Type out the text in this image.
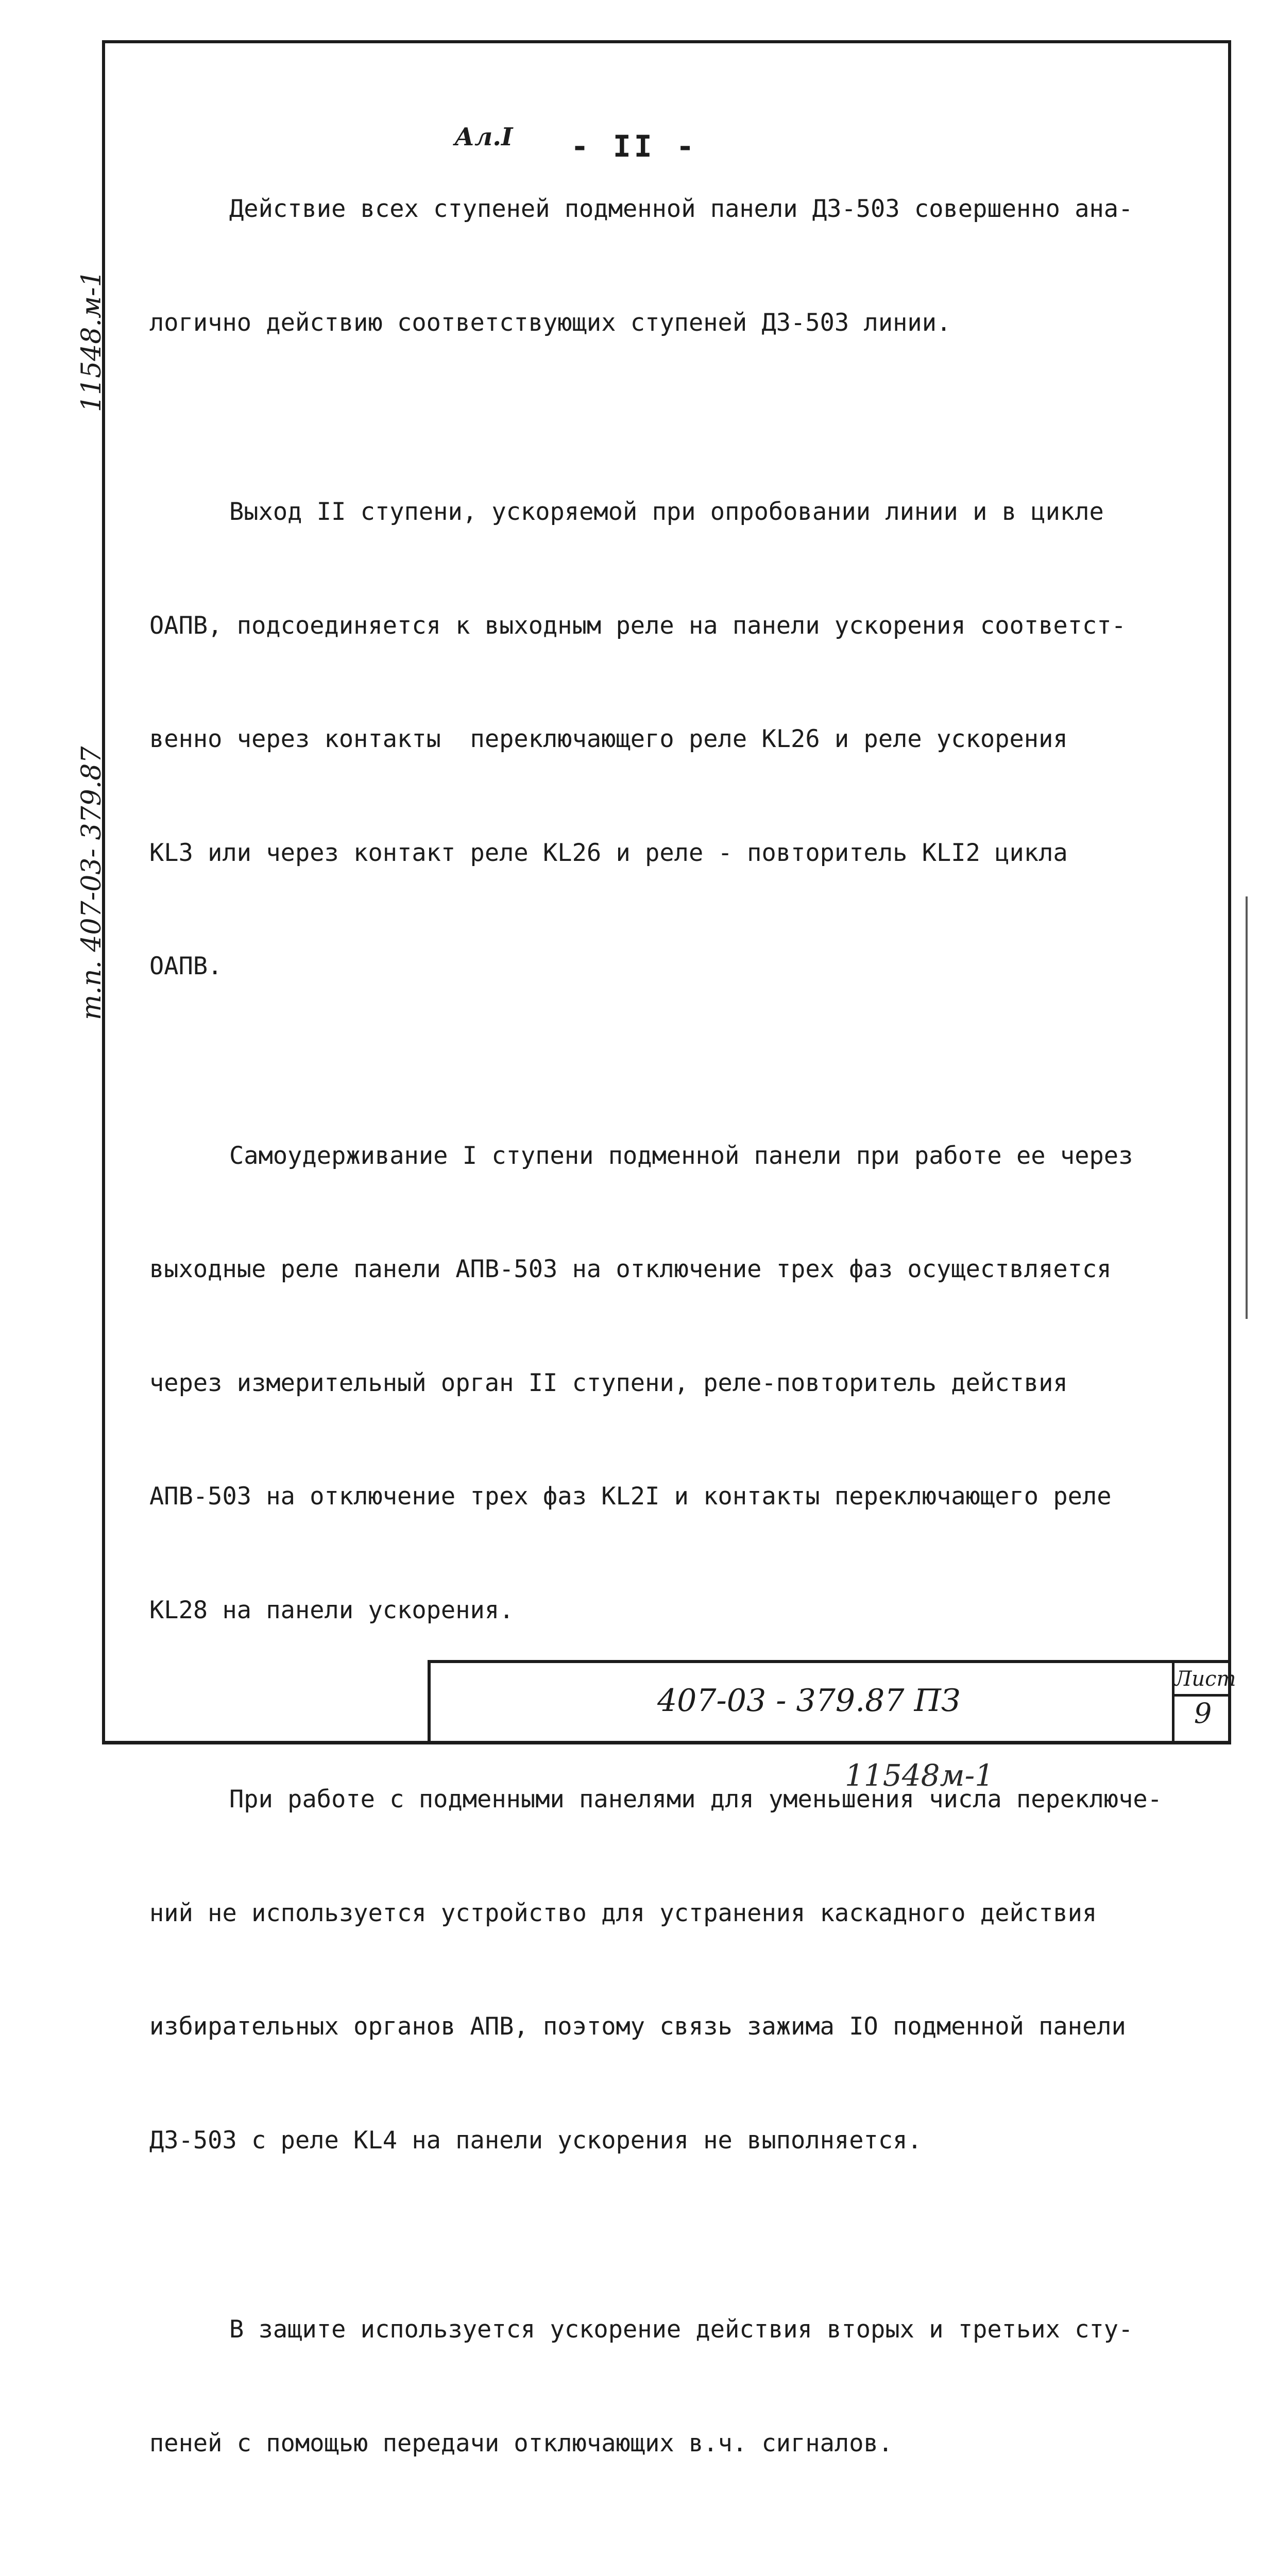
Ал.I - II -
11548.м-1
т.п. 407-03- 379.87

Действие всех ступеней подменной панели ДЗ-503 совершенно ана-

логично действию соответствующих ступеней ДЗ-503 линии.

Выход II ступени, ускоряемой при опробовании линии и в цикле

ОАПВ, подсоединяется к выходным реле на панели ускорения соответст-

венно через контакты  переключающего реле КL26 и реле ускорения

КL3 или через контакт реле КL26 и реле - повторитель КLI2 цикла

ОАПВ.

Самоудерживание I ступени подменной панели при работе ее через

выходные реле панели АПВ-503 на отключение трех фаз осуществляется

через измерительный орган II ступени, реле-повторитель действия

АПВ-503 на отключение трех фаз КL2I и контакты переключающего реле

КL28 на панели ускорения.

При работе с подменными панелями для уменьшения числа переключе-

ний не используется устройство для устранения каскадного действия

избирательных органов АПВ, поэтому связь зажима IO подменной панели

ДЗ-503 с реле КL4 на панели ускорения не выполняется.

В защите используется ускорение действия вторых и третьих сту-

пеней с помощью передачи отключающих в.ч. сигналов.

407-03 - 379.87 ПЗ
Лист
9
11548м-1
